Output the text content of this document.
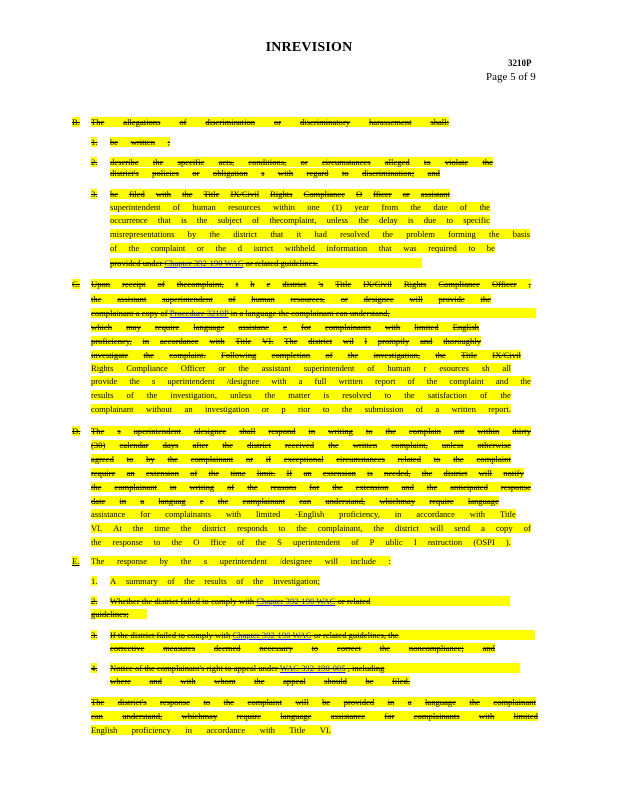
INREVISION
3210P
Page 5 of 9
B. The allegations of discrimination or discriminatory harassement shall:
1. be written ;
2. describe the specific acts, conditions, or circumstances alleged to violate the
district's policies or obligation s with regard to discrimination; and
3. be filed with the Title IX/Civil Rights Compliance O fficer or assistant
superintendent of human resources within one (1) year from the date of the
occurrence that is the subject of thecomplaint, unless the delay is due to specific
misrepresentations by the district that it had resolved the problem forming the basis
of the complaint or the d istrict withheld information that was required to be
provided under Chapter 392-190 WAC or related guidelines.
C. Upon receipt of thecomplaint, t h e district 's Title IX/Civil Rights Compliance Officer ,
the assistant superintendent of human resources, or designee will provide the
complainant a copy of Procedure 3210P in a language the complainant can understand,
which may require language assistanc e for complainants with limited English
proficiency, in accordance with Title VI. The district wil l promptly and thoroughly
investigate the complaint. Following completion of the investigation, the Title IX/Civil
Rights Compliance Officer or the assistant superintendent of human r esources sh all
provide the s uperintendent /designee with a full written report of the complaint and the
results of the investigation, unless the matter is resolved to the satisfaction of the
complainant without an investigation or p rior to the submission of a written report.
D. The s uperintendent /designee shall respond in writing to the complain ant within thirty
(30) calendar days after the district received the written complaint, unless otherwise
agreed to by the complainant or if exceptional circumstances related to the complaint
require an extension of the time limit. If an extension is needed, the district will notify
the complainant in writing of the reasons for the extension and the anticipated response
date in a languag e the complainant can understand, whichmay require language
assistance for complainants with limited -English proficiency, in accordance with Title
VI. At the time the district responds to the complainant, the district will send a copy of
the response to the O ffice of the S uperintendent of P ublic I nstruction (OSPI ).
E. The response by the s uperintendent /designee will include :
1. A summary of the results of the investigation;
2. Whether the district failed to comply with Chapter 392-190 WAC or related
guidelines;
3. If the district failed to comply with Chapter 392-190 WAC or related guidelines, the
corrective measures deemed necessary to correct the noncompliance; and
4. Notice of the complainant's right to appeal under WAC 392-190-005 , including
where and with whom the appeal should be filed.
The district's response to the complaint will be provided in a language the complainant
can understand, whichmay require language assistance for complainants with limited
English proficiency in accordance with Title VI.
